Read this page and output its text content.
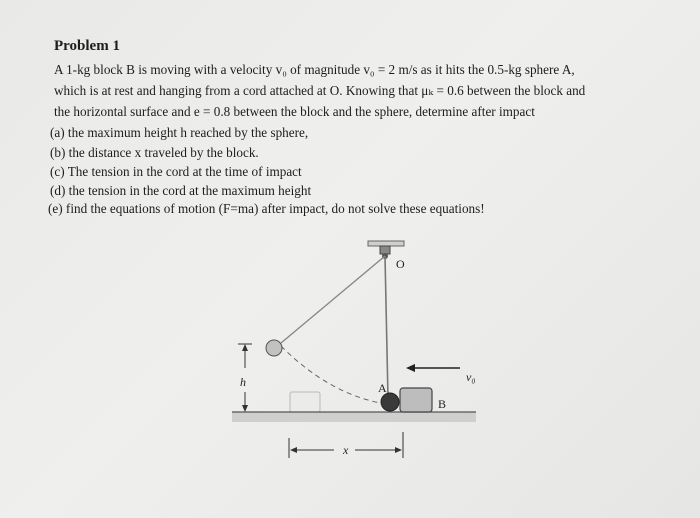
Problem 1
A 1-kg block B is moving with a velocity v₀ of magnitude v₀ = 2 m/s as it hits the 0.5-kg sphere A,
which is at rest and hanging from a cord attached at O. Knowing that μₖ = 0.6 between the block and
the horizontal surface and e = 0.8 between the block and the sphere, determine after impact
(a) the maximum height h reached by the sphere,
(b) the distance x traveled by the block.
(c) The tension in the cord at the time of impact
(d) the tension in the cord at the maximum height
(e) find the equations of motion (F=ma) after impact, do not solve these equations!
O
A
B
v₀
h
x
